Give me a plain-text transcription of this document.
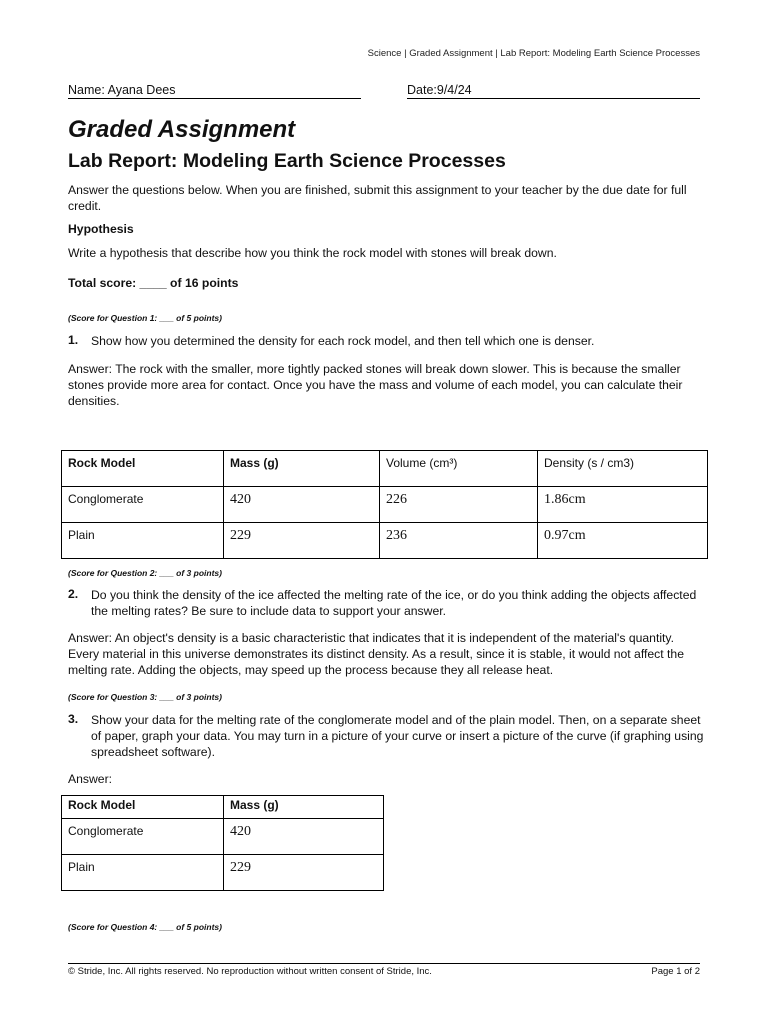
Science | Graded Assignment | Lab Report: Modeling Earth Science Processes
Name: Ayana Dees	Date:9/4/24
Graded Assignment
Lab Report: Modeling Earth Science Processes
Answer the questions below. When you are finished, submit this assignment to your teacher by the due date for full credit.
Hypothesis
Write a hypothesis that describe how you think the rock model with stones will break down.
Total score: ____ of 16 points
(Score for Question 1: ___ of 5 points)
1. Show how you determined the density for each rock model, and then tell which one is denser.
Answer: The rock with the smaller, more tightly packed stones will break down slower. This is because the smaller stones provide more area for contact. Once you have the mass and volume of each model, you can calculate their densities.
Rock Model	Mass (g)	Volume (cm³)	Density (s / cm3)
Conglomerate	420	226	1.86cm
Plain	229	236	0.97cm
(Score for Question 2: ___ of 3 points)
2. Do you think the density of the ice affected the melting rate of the ice, or do you think adding the objects affected the melting rates? Be sure to include data to support your answer.
Answer: An object's density is a basic characteristic that indicates that it is independent of the material's quantity. Every material in this universe demonstrates its distinct density. As a result, since it is stable, it would not affect the melting rate. Adding the objects, may speed up the process because they all release heat.
(Score for Question 3: ___ of 3 points)
3. Show your data for the melting rate of the conglomerate model and of the plain model. Then, on a separate sheet of paper, graph your data. You may turn in a picture of your curve or insert a picture of the curve (if graphing using spreadsheet software).
Answer:
Rock Model	Mass (g)
Conglomerate	420
Plain	229
(Score for Question 4: ___ of 5 points)
© Stride, Inc. All rights reserved. No reproduction without written consent of Stride, Inc.	Page 1 of 2
